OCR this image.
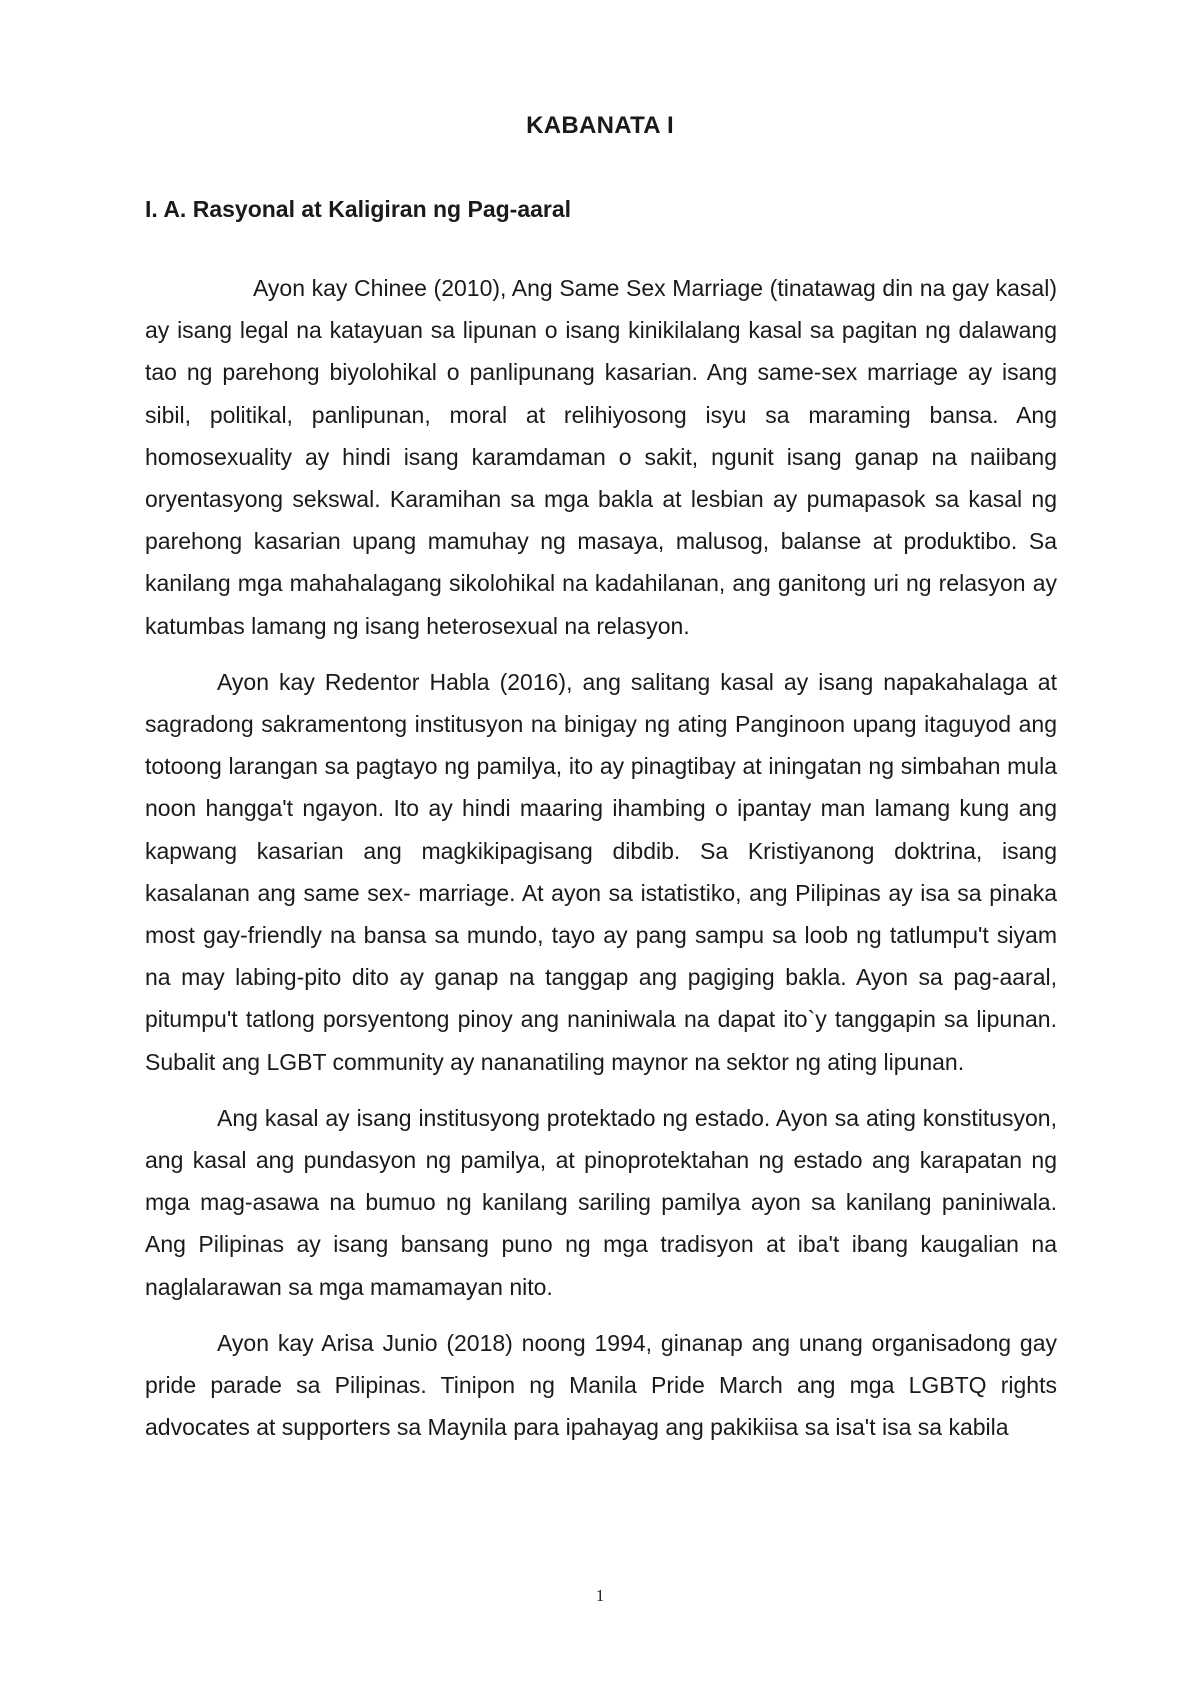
KABANATA I
I. A. Rasyonal at Kaligiran ng Pag-aaral

Ayon kay Chinee (2010), Ang Same Sex Marriage (tinatawag din na gay kasal) ay isang legal na katayuan sa lipunan o isang kinikilalang kasal sa pagitan ng dalawang tao ng parehong biyolohikal o panlipunang kasarian. Ang same-sex marriage ay isang sibil, politikal, panlipunan, moral at relihiyosong isyu sa maraming bansa. Ang homosexuality ay hindi isang karamdaman o sakit, ngunit isang ganap na naiibang oryentasyong sekswal. Karamihan sa mga bakla at lesbian ay pumapasok sa kasal ng parehong kasarian upang mamuhay ng masaya, malusog, balanse at produktibo. Sa kanilang mga mahahalagang sikolohikal na kadahilanan, ang ganitong uri ng relasyon ay katumbas lamang ng isang heterosexual na relasyon.

Ayon kay Redentor Habla (2016), ang salitang kasal ay isang napakahalaga at sagradong sakramentong institusyon na binigay ng ating Panginoon upang itaguyod ang totoong larangan sa pagtayo ng pamilya, ito ay pinagtibay at iningatan ng simbahan mula noon hangga't ngayon. Ito ay hindi maaring ihambing o ipantay man lamang kung ang kapwang kasarian ang magkikipagisang dibdib. Sa Kristiyanong doktrina, isang kasalanan ang same sex- marriage. At ayon sa istatistiko, ang Pilipinas ay isa sa pinaka most gay-friendly na bansa sa mundo, tayo ay pang sampu sa loob ng tatlumpu't siyam na may labing-pito dito ay ganap na tanggap ang pagiging bakla. Ayon sa pag-aaral, pitumpu't tatlong porsyentong pinoy ang naniniwala na dapat ito`y tanggapin sa lipunan. Subalit ang LGBT community ay nananatiling maynor na sektor ng ating lipunan.

Ang kasal ay isang institusyong protektado ng estado. Ayon sa ating konstitusyon, ang kasal ang pundasyon ng pamilya, at pinoprotektahan ng estado ang karapatan ng mga mag-asawa na bumuo ng kanilang sariling pamilya ayon sa kanilang paniniwala. Ang Pilipinas ay isang bansang puno ng mga tradisyon at iba't ibang kaugalian na naglalarawan sa mga mamamayan nito.

Ayon kay Arisa Junio (2018) noong 1994, ginanap ang unang organisadong gay pride parade sa Pilipinas. Tinipon ng Manila Pride March ang mga LGBTQ rights advocates at supporters sa Maynila para ipahayag ang pakikiisa sa isa't isa sa kabila

1
